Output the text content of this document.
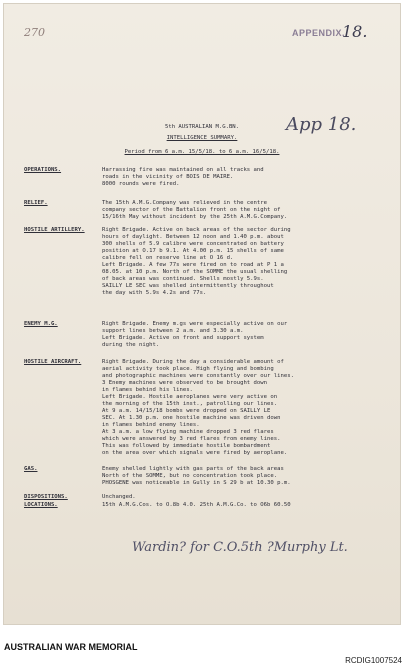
270	APPENDIX.
18.
App 18.
5th AUSTRALIAN M.G.BN.
INTELLIGENCE SUMMARY.
Period from 6 a.m. 15/5/18. to 6 a.m. 16/5/18.
OPERATIONS.	Harrassing fire was maintained on all tracks and
roads in the vicinity of BOIS DE MAIRE.
8000 rounds were fired.
RELIEF.	The 15th A.M.G.Company was relieved in the centre
company sector of the Battalion front on the night of
15/16th May without incident by the 25th A.M.G.Company.
HOSTILE ARTILLERY.	Right Brigade. Active on back areas of the sector during
hours of daylight. Between 12 noon and 1.40 p.m. about
300 shells of 5.9 calibre were concentrated on battery
position at O.17 b 9.1. At 4.00 p.m. 15 shells of same
calibre fell on reserve line at O 16 d.
Left Brigade. A few 77s were fired on to road at P 1 a
08.05. at 10 p.m. North of the SOMME the usual shelling
of back areas was continued. Shells mostly 5.9s.
SAILLY LE SEC was shelled intermittently throughout
the day with 5.9s 4.2s and 77s.
ENEMY M.G.	Right Brigade. Enemy m.gs were especially active on our
support lines between 2 a.m. and 3.30 a.m.
Left Brigade. Active on front and support system
during the night.
HOSTILE AIRCRAFT.	Right Brigade. During the day a considerable amount of
aerial activity took place. High flying and bombing
and photographic machines were constantly over our lines.
3 Enemy machines were observed to be brought down
in flames behind his lines.
Left Brigade. Hostile aeroplanes were very active on
the morning of the 15th inst., patrolling our lines.
At 9 a.m. 14/15/18 bombs were dropped on SAILLY LE
SEC. At 1.30 p.m. one hostile machine was driven down
in flames behind enemy lines.
At 3 a.m. a low flying machine dropped 3 red flares
which were answered by 3 red flares from enemy lines.
This was followed by immediate hostile bombardment
on the area over which signals were fired by aeroplane.
GAS.	Enemy shelled lightly with gas parts of the back areas
North of the SOMME, but no concentration took place.
PHOSGENE was noticeable in Gully in S 29 b at 10.30 p.m.
DISPOSITIONS.	Unchanged.
LOCATIONS.	15th A.M.G.Cos. to O.8b 4.0. 25th A.M.G.Co. to O6b 60.50
Wardin? for C.O.5th ?Murphy Lt.
AUSTRALIAN WAR MEMORIAL
RCDIG1007524
